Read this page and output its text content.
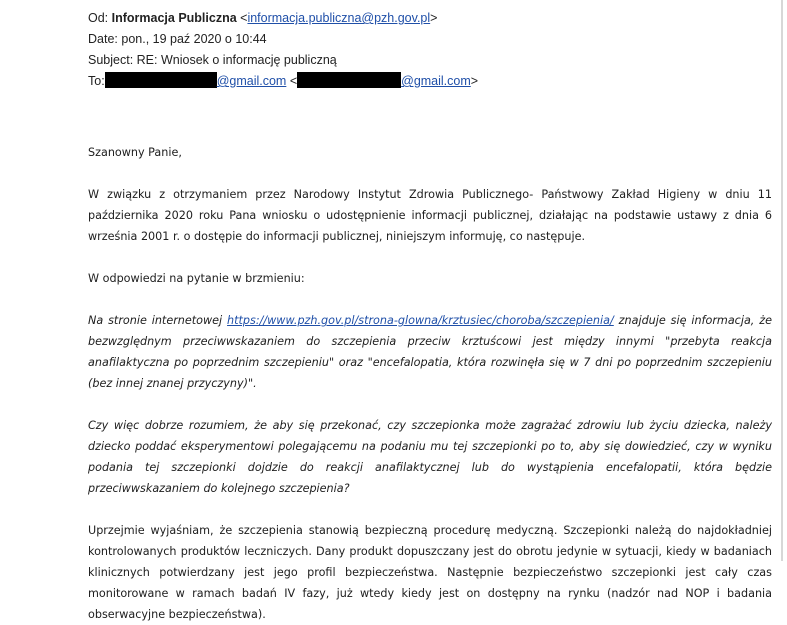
Od: Informacja Publiczna <informacja.publiczna@pzh.gov.pl>
Date: pon., 19 paź 2020 o 10:44
Subject: RE: Wniosek o informację publiczną
To:	@gmail.com <	@gmail.com>

Szanowny Panie,

W związku z otrzymaniem przez Narodowy Instytut Zdrowia Publicznego- Państwowy Zakład Higieny w dniu 11 października 2020 roku Pana wniosku o udostępnienie informacji publicznej, działając na podstawie ustawy z dnia 6 września 2001 r. o dostępie do informacji publicznej, niniejszym informuję, co następuje.

W odpowiedzi na pytanie w brzmieniu:

Na stronie internetowej https://www.pzh.gov.pl/strona-glowna/krztusiec/choroba/szczepienia/ znajduje się informacja, że bezwzględnym przeciwwskazaniem do szczepienia przeciw krztuścowi jest między innymi "przebyta reakcja anafilaktyczna po poprzednim szczepieniu" oraz "encefalopatia, która rozwinęła się w 7 dni po poprzednim szczepieniu (bez innej znanej przyczyny)".

Czy więc dobrze rozumiem, że aby się przekonać, czy szczepionka może zagrażać zdrowiu lub życiu dziecka, należy dziecko poddać eksperymentowi polegającemu na podaniu mu tej szczepionki po to, aby się dowiedzieć, czy w wyniku podania tej szczepionki dojdzie do reakcji anafilaktycznej lub do wystąpienia encefalopatii, która będzie przeciwwskazaniem do kolejnego szczepienia?

Uprzejmie wyjaśniam, że szczepienia stanowią bezpieczną procedurę medyczną. Szczepionki należą do najdokładniej kontrolowanych produktów leczniczych. Dany produkt dopuszczany jest do obrotu jedynie w sytuacji, kiedy w badaniach klinicznych potwierdzany jest jego profil bezpieczeństwa. Następnie bezpieczeństwo szczepionki jest cały czas monitorowane w ramach badań IV fazy, już wtedy kiedy jest on dostępny na rynku (nadzór nad NOP i badania obserwacyjne bezpieczeństwa).
